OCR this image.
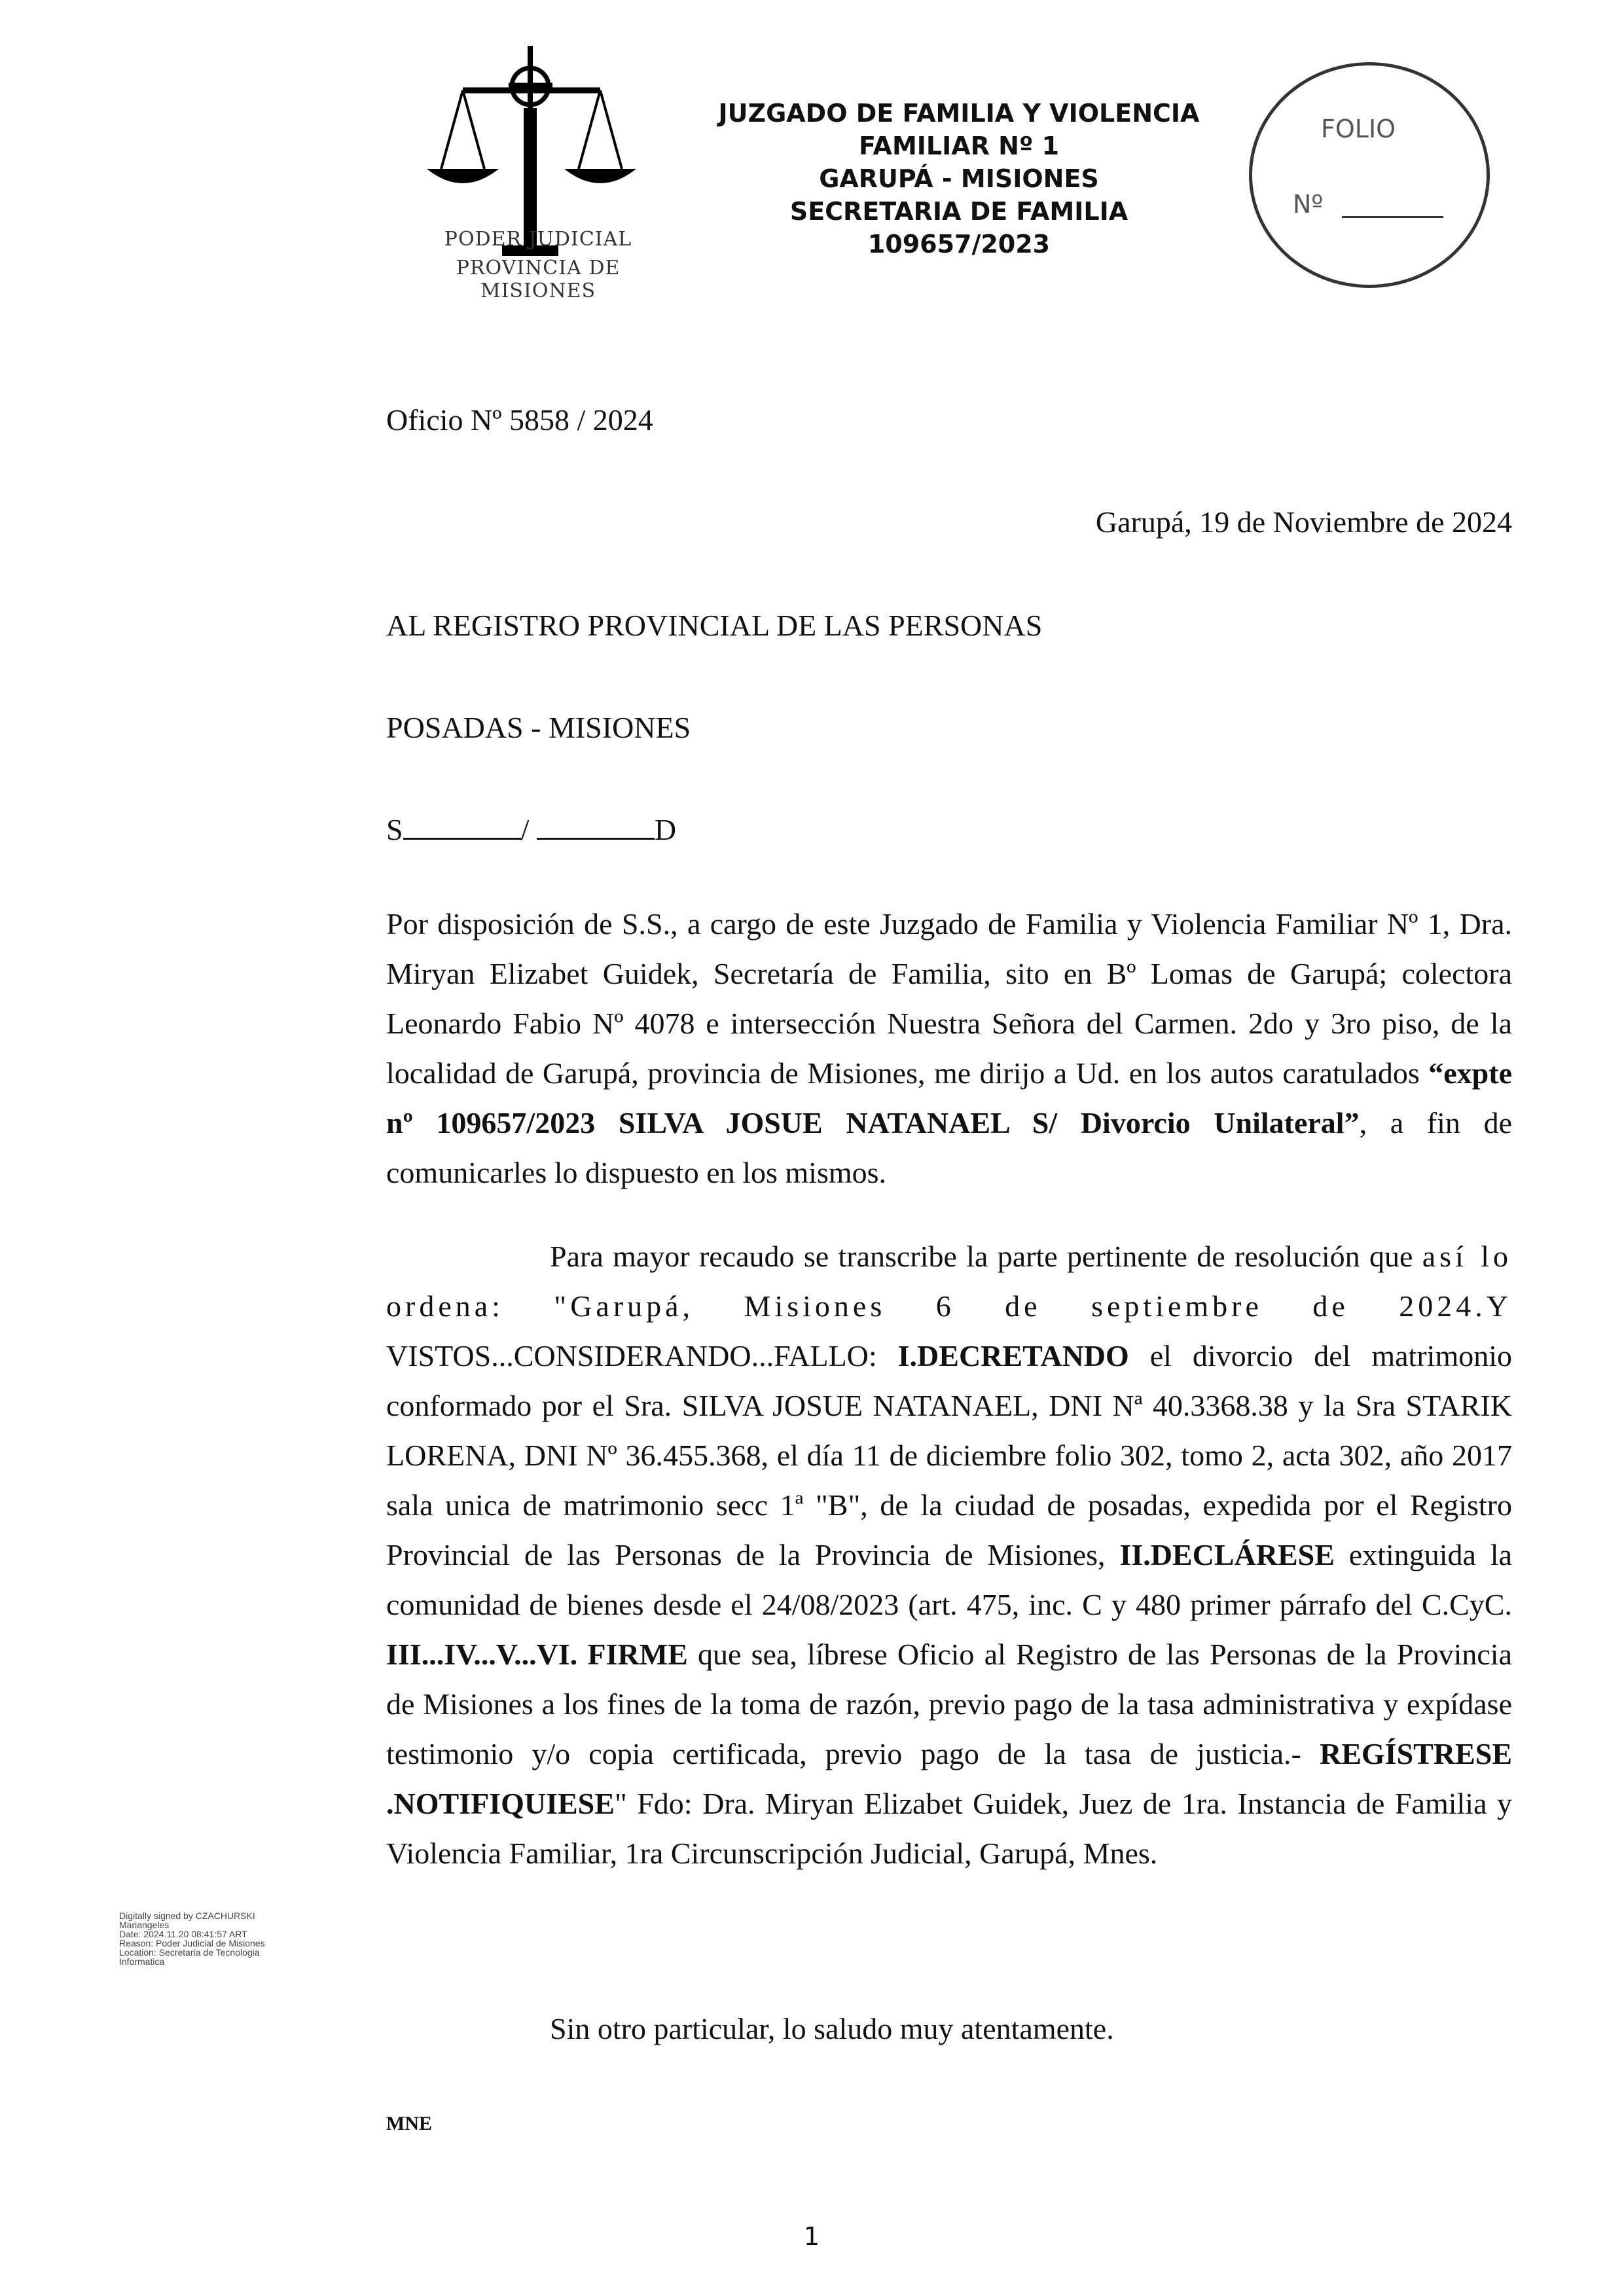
PODER JUDICIAL
PROVINCIA DE MISIONES
JUZGADO DE FAMILIA Y VIOLENCIA
FAMILIAR Nº 1
GARUPÁ - MISIONES
SECRETARIA DE FAMILIA
109657/2023
FOLIO
Nº
Oficio Nº 5858 / 2024
Garupá, 19 de Noviembre de 2024
AL REGISTRO PROVINCIAL DE LAS PERSONAS
POSADAS - MISIONES
S	/	D
Por disposición de S.S., a cargo de este Juzgado de Familia y Violencia Familiar Nº 1, Dra. Miryan Elizabet Guidek, Secretaría de Familia, sito en Bº Lomas de Garupá; colectora Leonardo Fabio Nº 4078 e intersección Nuestra Señora del Carmen. 2do y 3ro piso, de la localidad de Garupá, provincia de Misiones, me dirijo a Ud. en los autos caratulados “expte nº 109657/2023 SILVA JOSUE NATANAEL S/ Divorcio Unilateral”, a fin de comunicarles lo dispuesto en los mismos.
Para mayor recaudo se transcribe la parte pertinente de resolución que así lo ordena: "Garupá, Misiones 6 de septiembre de 2024.Y VISTOS...CONSIDERANDO...FALLO: I.DECRETANDO el divorcio del matrimonio conformado por el Sra. SILVA JOSUE NATANAEL, DNI Nª 40.3368.38 y la Sra STARIK LORENA, DNI Nº 36.455.368, el día 11 de diciembre folio 302, tomo 2, acta 302, año 2017 sala unica de matrimonio secc 1ª "B", de la ciudad de posadas, expedida por el Registro Provincial de las Personas de la Provincia de Misiones, II.DECLÁRESE extinguida la comunidad de bienes desde el 24/08/2023 (art. 475, inc. C y 480 primer párrafo del C.CyC. III...IV...V...VI. FIRME que sea, líbrese Oficio al Registro de las Personas de la Provincia de Misiones a los fines de la toma de razón, previo pago de la tasa administrativa y expídase testimonio y/o copia certificada, previo pago de la tasa de justicia.- REGÍSTRESE .NOTIFIQUIESE" Fdo: Dra. Miryan Elizabet Guidek, Juez de 1ra. Instancia de Familia y Violencia Familiar, 1ra Circunscripción Judicial, Garupá, Mnes.
Sin otro particular, lo saludo muy atentamente.
MNE
Digitally signed by CZACHURSKI
Mariangeles
Date: 2024.11.20 08:41:57 ART
Reason: Poder Judicial de Misiones
Location: Secretaria de Tecnologia
Informatica
1
